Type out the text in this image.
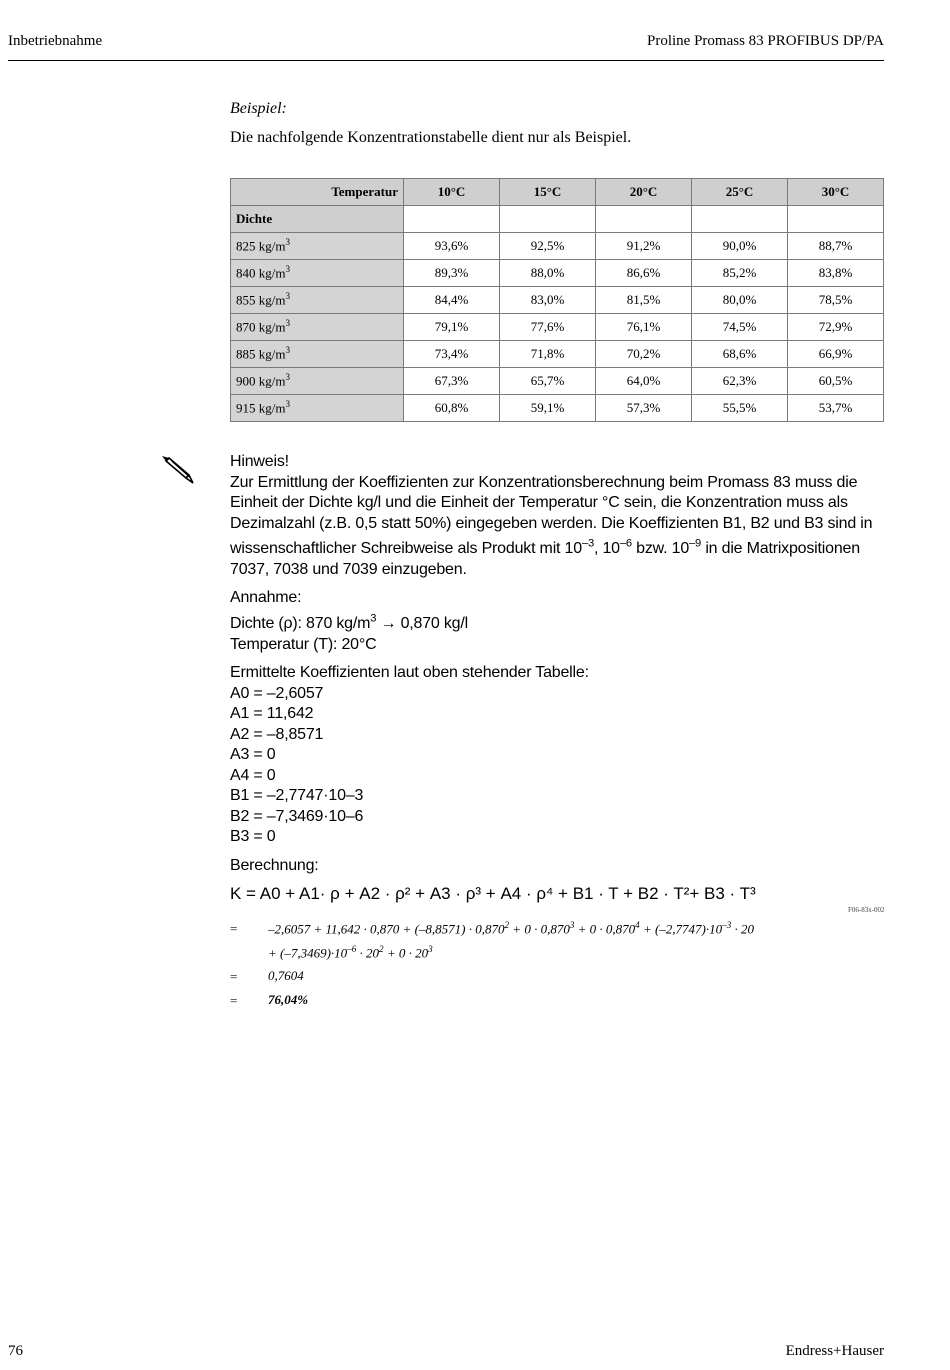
Inbetriebnahme	Proline Promass 83 PROFIBUS DP/PA
Beispiel:
Die nachfolgende Konzentrationstabelle dient nur als Beispiel.
Temperatur	10°C	15°C	20°C	25°C	30°C
Dichte					
825 $kg/m^3$	93,6%	92,5%	91,2%	90,0%	88,7%
840 $kg/m^3$	89,3%	88,0%	86,6%	85,2%	83,8%
855 $kg/m^3$	84,4%	83,0%	81,5%	80,0%	78,5%
870 $kg/m^3$	79,1%	77,6%	76,1%	74,5%	72,9%
885 $kg/m^3$	73,4%	71,8%	70,2%	68,6%	66,9%
900 $kg/m^3$	67,3%	65,7%	64,0%	62,3%	60,5%
915 $kg/m^3$	60,8%	59,1%	57,3%	55,5%	53,7%

Hinweis!
Zur Ermittlung der Koeffizienten zur Konzentrationsberechnung beim Promass 83 muss die Einheit der Dichte kg/l und die Einheit der Temperatur °C sein, die Konzentration muss als Dezimalzahl (z.B. 0,5 statt 50%) eingegeben werden. Die Koeffizienten B1, B2 und B3 sind in wissenschaftlicher Schreibweise als Produkt mit $10^{-3}$, $10^{-6}$ bzw. $10^{-9}$ in die Matrixpositionen 7037, 7038 und 7039 einzugeben.

Annahme:
Dichte (ρ): 870 $kg/m^3 \to 0,870$ kg/l
Temperatur (T): 20°C

Ermittelte Koeffizienten laut oben stehender Tabelle:
A0 = –2,6057
A1 = 11,642
A2 = –8,8571
A3 = 0
A4 = 0
B1 = –2,7747·10–3
B2 = –7,3469·10–6
B3 = 0

Berechnung:

K = A0 + A1· ρ + A2 · ρ² + A3 · ρ³ + A4 · ρ⁴ + B1 · T + B2 · T²+ B3 · T³
F06-83x-002
= $-2,6057 + 11,642 \cdot 0,870 + (-8,8571) \cdot 0,870^2 + 0 \cdot 0,870^3 + 0 \cdot 0,870^4 + (-2,7747)\cdot 10^{-3} \cdot 20$
+ $(-7,3469)\cdot 10^{-6} \cdot 20^2 + 0 \cdot 20^3$
= 0,7604
= 76,04%
76	Endress+Hauser
